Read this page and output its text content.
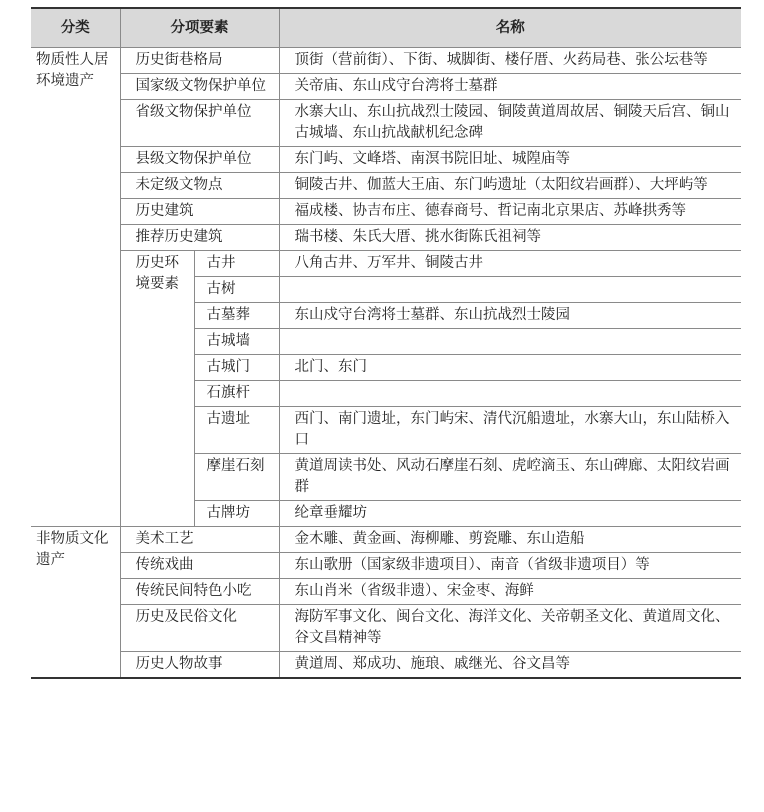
分类	分项要素		名称
物质性人居环境遗产	历史街巷格局		顶街（营前街）、下街、城脚街、楼仔厝、火药局巷、张公坛巷等
	国家级文物保护单位		关帝庙、东山戍守台湾将士墓群
	省级文物保护单位		水寨大山、东山抗战烈士陵园、铜陵黄道周故居、铜陵天后宫、铜山古城墙、东山抗战献机纪念碑
	县级文物保护单位		东门屿、文峰塔、南溟书院旧址、城隍庙等
	未定级文物点		铜陵古井、伽蓝大王庙、东门屿遗址（太阳纹岩画群）、大坪屿等
	历史建筑		福成楼、协吉布庄、德春商号、哲记南北京果店、苏峰拱秀等
	推荐历史建筑		瑞书楼、朱氏大厝、挑水街陈氏祖祠等
	历史环境要素	古井	八角古井、万军井、铜陵古井
		古树	
		古墓葬	东山戍守台湾将士墓群、东山抗战烈士陵园
		古城墙	
		古城门	北门、东门
		石旗杆	
		古遗址	西门、南门遗址，东门屿宋、清代沉船遗址，水寨大山，东山陆桥入口
		摩崖石刻	黄道周读书处、风动石摩崖石刻、虎崆滴玉、东山碑廊、太阳纹岩画群
		古牌坊	纶章垂耀坊
非物质文化遗产	美术工艺		金木雕、黄金画、海柳雕、剪瓷雕、东山造船
	传统戏曲		东山歌册（国家级非遗项目）、南音（省级非遗项目）等
	传统民间特色小吃		东山肖米（省级非遗）、宋金枣、海鲜
	历史及民俗文化		海防军事文化、闽台文化、海洋文化、关帝朝圣文化、黄道周文化、谷文昌精神等
	历史人物故事		黄道周、郑成功、施琅、戚继光、谷文昌等
